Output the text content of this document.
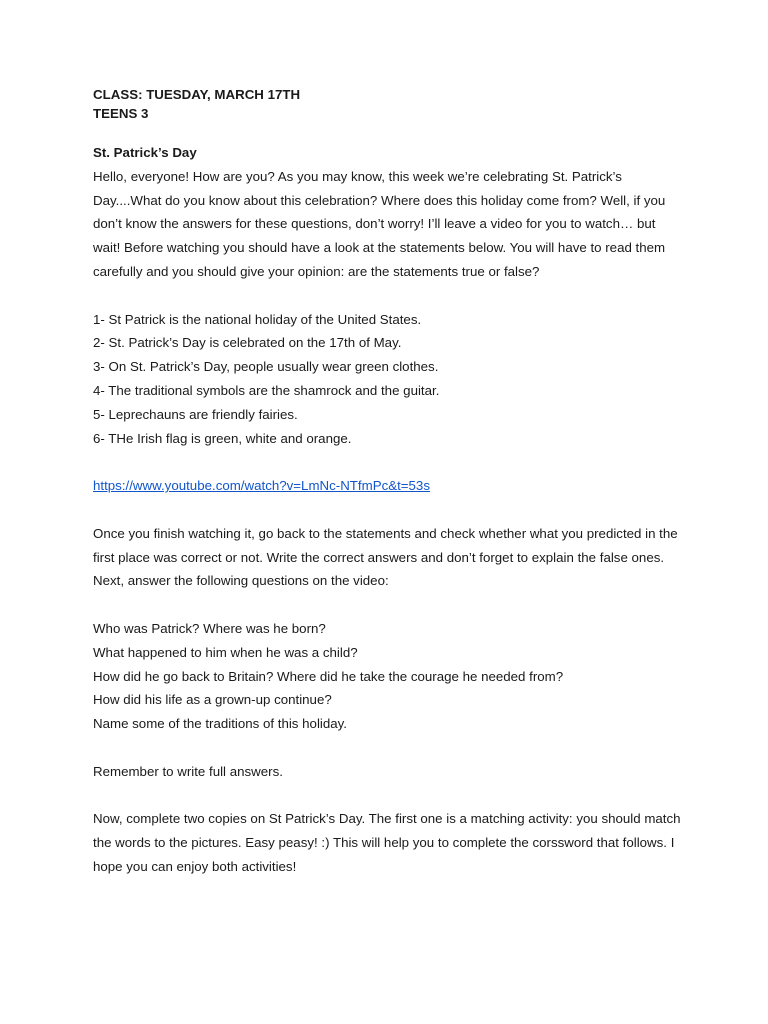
CLASS: TUESDAY, MARCH 17TH

TEENS 3

St. Patrick’s Day

Hello, everyone! How are you? As you may know, this week we’re celebrating St. Patrick’s Day....What do you know about this celebration? Where does this holiday come from? Well, if you don’t know the answers for these questions, don’t worry! I’ll leave a video for you to watch… but wait! Before watching you should have a look at the statements below. You will have to read them carefully and you should give your opinion: are the statements true or false?

1- St Patrick is the national holiday of the United States.
2- St. Patrick’s Day is celebrated on the 17th of May.
3- On St. Patrick’s Day, people usually wear green clothes.
4- The traditional symbols are the shamrock and the guitar.
5- Leprechauns are friendly fairies.
6- THe Irish flag is green, white and orange.

https://www.youtube.com/watch?v=LmNc-NTfmPc&t=53s

Once you finish watching it, go back to the statements and check whether what you predicted in the first place was correct or not. Write the correct answers and don’t forget to explain the false ones.

Next, answer the following questions on the video:

Who was Patrick? Where was he born?
What happened to him when he was a child?
How did he go back to Britain? Where did he take the courage he needed from?
How did his life as a grown-up continue?
Name some of the traditions of this holiday.

Remember to write full answers.

Now, complete two copies on St Patrick’s Day. The first one is a matching activity: you should match the words to the pictures. Easy peasy! :) This will help you to complete the corssword that follows. I hope you can enjoy both activities!
